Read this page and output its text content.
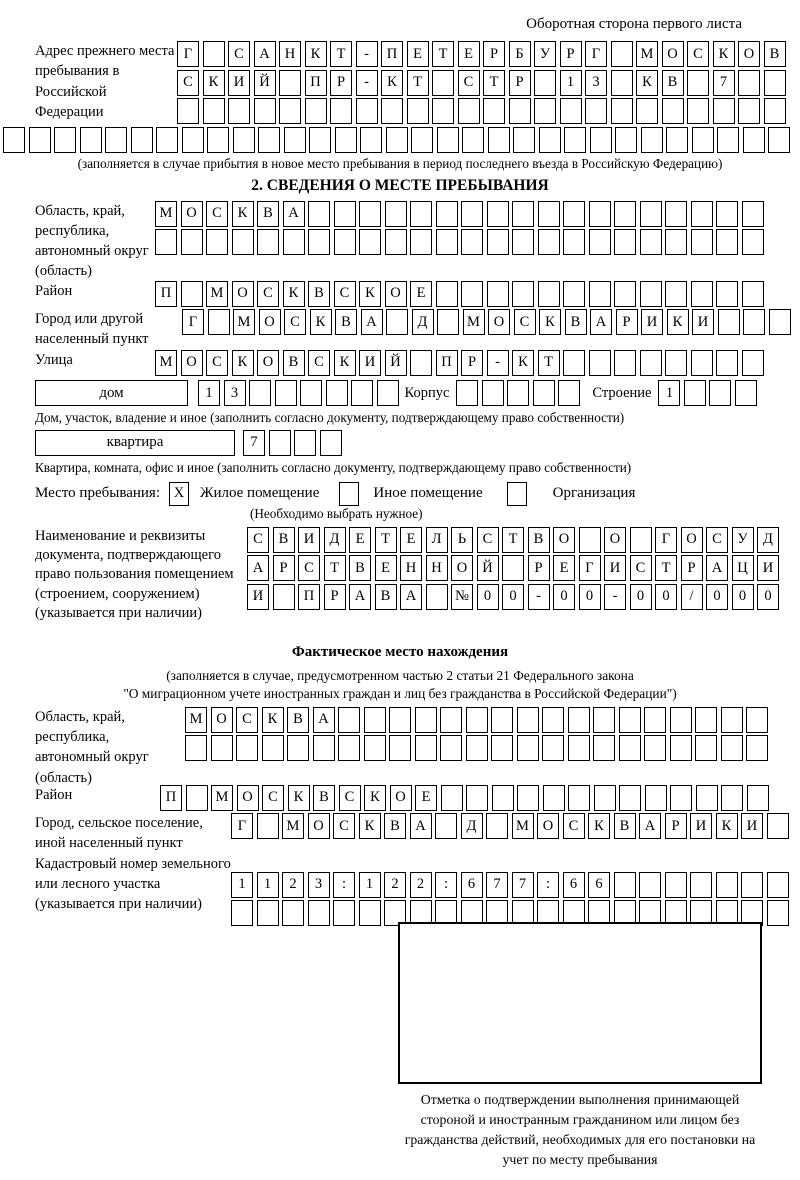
Оборотная сторона первого листа
Адрес прежнего места пребывания в Российской Федерации
Г	С	А	Н	К	Т	-	П	Е	Т	Е	Р	Б	У	Р	Г	М О	С	К	О	В
С	К	И	Й	П	Р	-	К	Т	С	Т	Р	1	3	К	В	7
(заполняется в случае прибытия в новое место пребывания в период последнего въезда в Российскую Федерацию)
2. СВЕДЕНИЯ О МЕСТЕ ПРЕБЫВАНИЯ
Область, край, республика, автономный округ (область)
М О	С	К	В	А
Район	П	М О	С	К	В	С	К	О	Е
Город или другой населенный пункт
Г	М О	С	К	В	А	Д	М О	С	К	В	А	Р	И	К	И
Улица	М О	С	К	О	В	С	К	И	Й	П	Р	-	К	Т
дом	1	3	Корпус	Строение 1
Дом, участок, владение и иное (заполнить согласно документу, подтверждающему право собственности)
квартира	7
Квартира, комната, офис и иное (заполнить согласно документу, подтверждающему право собственности)
Место пребывания: X	Жилое помещение	Иное помещение	Организация
(Необходимо выбрать нужное)
Наименование и реквизиты документа, подтверждающего право пользования помещением (строением, сооружением) (указывается при наличии)
С	В	И	Д	Е	Т	Е	Л	Ь	С	Т	В	О	О	Г	О	С	У	Д
А	Р	С	Т	В	Е	Н	Н	О	Й	Р	Е	Г	И	С	Т	Р	А	Ц	И
И	П	Р	А	В	А	№	0	0	-	0	0	-	0	0	/	0	0	0
Фактическое место нахождения
(заполняется в случае, предусмотренном частью 2 статьи 21 Федерального закона
"О миграционном учете иностранных граждан и лиц без гражданства в Российской Федерации")
Область, край, республика, автономный округ (область)
М О	С	К	В	А
Район	П	М О	С	К	В	С	К	О	Е
Город, сельское поселение, иной населенный пункт
Г	М О	С	К	В	А	Д	М О	С	К	В	А	Р	И	К	И
Кадастровый номер земельного или лесного участка (указывается при наличии)
1	1	2	3	:	1	2	2	:	6	7	7	:	6	6
Отметка о подтверждении выполнения принимающей стороной и иностранным гражданином или лицом без гражданства действий, необходимых для его постановки на учет по месту пребывания
